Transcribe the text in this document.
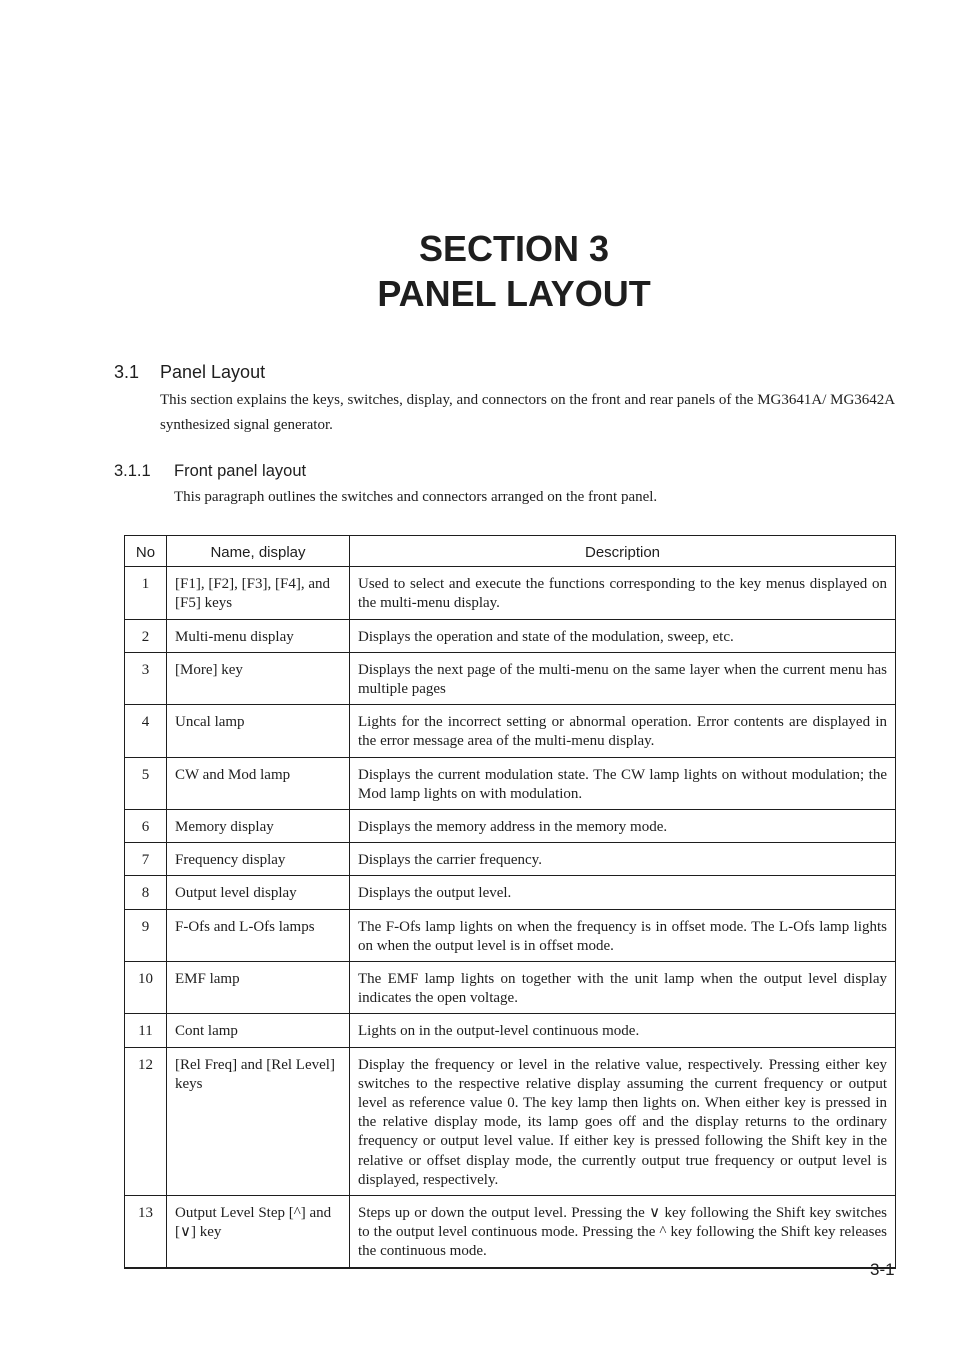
SECTION 3
PANEL LAYOUT
3.1 Panel Layout
This section explains the keys, switches, display, and connectors on the front and rear panels of the MG3641A/ MG3642A synthesized signal generator.
3.1.1 Front panel layout
This paragraph outlines the switches and connectors arranged on the front panel.
No	Name, display	Description
1	[F1], [F2], [F3], [F4], and [F5] keys	Used to select and execute the functions corresponding to the key menus displayed on the multi-menu display.
2	Multi-menu display	Displays the operation and state of the modulation, sweep, etc.
3	[More] key	Displays the next page of the multi-menu on the same layer when the current menu has multiple pages
4	Uncal lamp	Lights for the incorrect setting or abnormal operation. Error contents are displayed in the error message area of the multi-menu display.
5	CW and Mod lamp	Displays the current modulation state. The CW lamp lights on without modulation; the Mod lamp lights on with modulation.
6	Memory display	Displays the memory address in the memory mode.
7	Frequency display	Displays the carrier frequency.
8	Output level display	Displays the output level.
9	F-Ofs and L-Ofs lamps	The F-Ofs lamp lights on when the frequency is in offset mode. The L-Ofs lamp lights on when the output level is in offset mode.
10	EMF lamp	The EMF lamp lights on together with the unit lamp when the output level display indicates the open voltage.
11	Cont lamp	Lights on in the output-level continuous mode.
12	[Rel Freq] and [Rel Level] keys	Display the frequency or level in the relative value, respectively. Pressing either key switches to the respective relative display assuming the current frequency or output level as reference value 0. The key lamp then lights on. When either key is pressed in the relative display mode, its lamp goes off and the display returns to the ordinary frequency or output level value. If either key is pressed following the Shift key in the relative or offset display mode, the currently output true frequency or output level is displayed, respectively.
13	Output Level Step [^] and [∨] key	Steps up or down the output level. Pressing the ∨ key following the Shift key switches to the output level continuous mode. Pressing the ^ key following the Shift key releases the continuous mode.
3-1
